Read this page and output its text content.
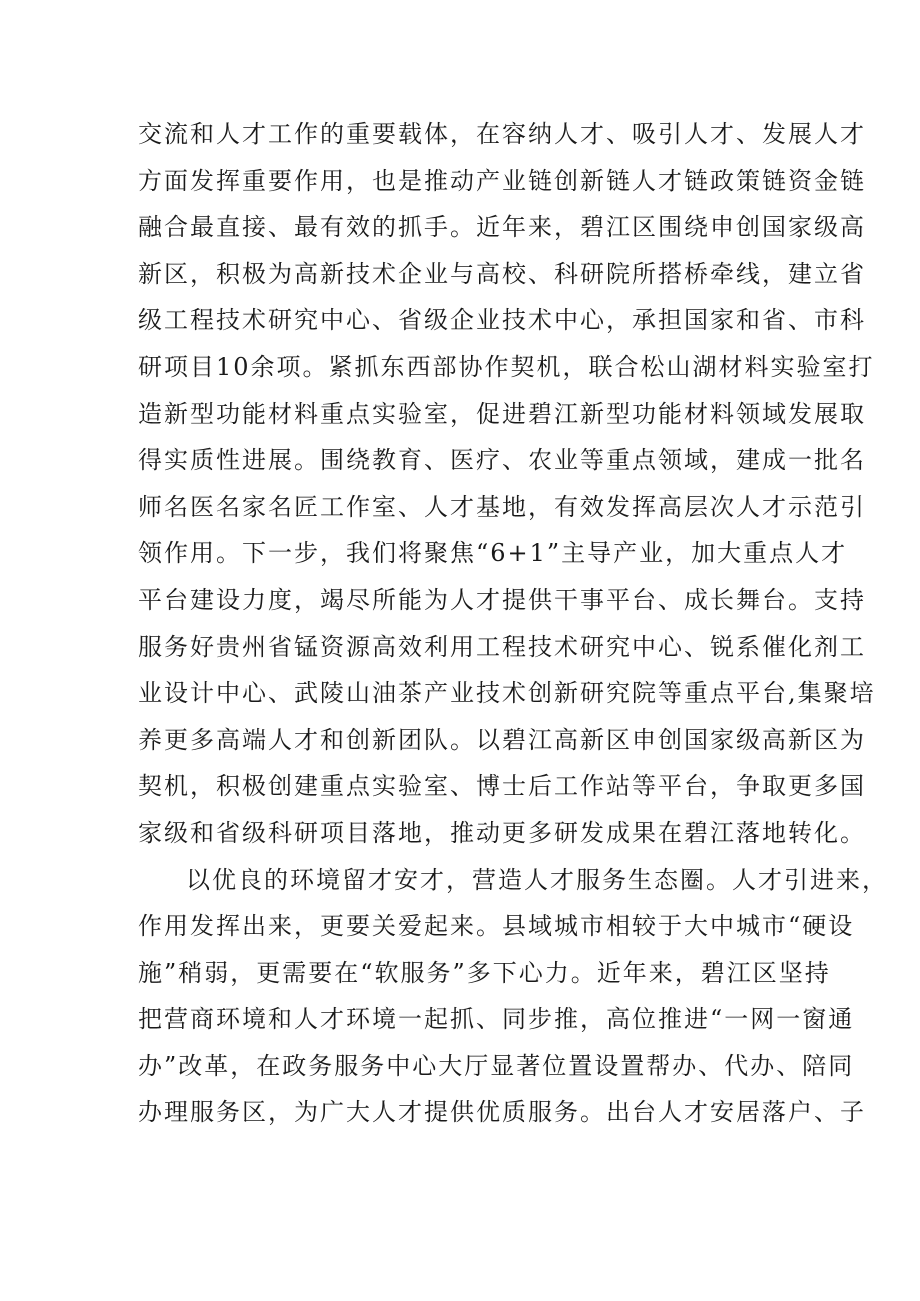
交流和人才工作的重要载体，在容纳人才、吸引人才、发展人才
方面发挥重要作用，也是推动产业链创新链人才链政策链资金链
融合最直接、最有效的抓手。近年来，碧江区围绕申创国家级高
新区，积极为高新技术企业与高校、科研院所搭桥牵线，建立省
级工程技术研究中心、省级企业技术中心，承担国家和省、市科
研项目10余项。紧抓东西部协作契机，联合松山湖材料实验室打
造新型功能材料重点实验室，促进碧江新型功能材料领域发展取
得实质性进展。围绕教育、医疗、农业等重点领域，建成一批名
师名医名家名匠工作室、人才基地，有效发挥高层次人才示范引
领作用。下一步，我们将聚焦“6+1”主导产业，加大重点人才
平台建设力度，竭尽所能为人才提供干事平台、成长舞台。支持
服务好贵州省锰资源高效利用工程技术研究中心、锐系催化剂工
业设计中心、武陵山油茶产业技术创新研究院等重点平台,集聚培
养更多高端人才和创新团队。以碧江高新区申创国家级高新区为
契机，积极创建重点实验室、博士后工作站等平台，争取更多国
家级和省级科研项目落地，推动更多研发成果在碧江落地转化。
以优良的环境留才安才，营造人才服务生态圈。人才引进来，
作用发挥出来，更要关爱起来。县域城市相较于大中城市“硬设
施”稍弱，更需要在“软服务”多下心力。近年来，碧江区坚持
把营商环境和人才环境一起抓、同步推，高位推进“一网一窗通
办”改革，在政务服务中心大厅显著位置设置帮办、代办、陪同
办理服务区，为广大人才提供优质服务。出台人才安居落户、子
